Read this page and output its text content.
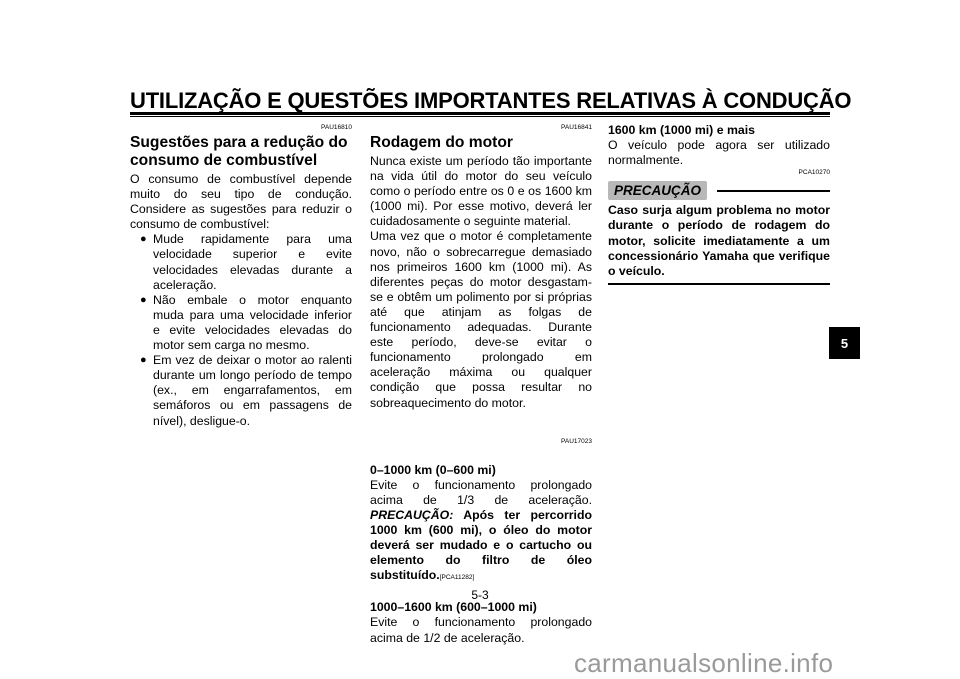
UTILIZAÇÃO E QUESTÕES IMPORTANTES RELATIVAS À CONDUÇÃO
PAU16810
Sugestões para a redução do consumo de combustível

O consumo de combustível depende muito do seu tipo de condução. Considere as sugestões para reduzir o consumo de combustível:

● Mude rapidamente para uma velocidade superior e evite velocidades elevadas durante a aceleração.
● Não embale o motor enquanto muda para uma velocidade inferior e evite velocidades elevadas do motor sem carga no mesmo.
● Em vez de deixar o motor ao ralenti durante um longo período de tempo (ex., em engarrafamentos, em semáforos ou em passagens de nível), desligue-o.
PAU16841
Rodagem do motor

Nunca existe um período tão importante na vida útil do motor do seu veículo como o período entre os 0 e os 1600 km (1000 mi). Por esse motivo, deverá ler cuidadosamente o seguinte material.

Uma vez que o motor é completamente novo, não o sobrecarregue demasiado nos primeiros 1600 km (1000 mi). As diferentes peças do motor desgastam-se e obtêm um polimento por si próprias até que atinjam as folgas de funcionamento adequadas. Durante este período, deve-se evitar o funcionamento prolongado em aceleração máxima ou qualquer condição que possa resultar no sobreaquecimento do motor.

PAU17023

0–1000 km (0–600 mi)

Evite o funcionamento prolongado acima de 1/3 de aceleração. PRECAUÇÃO: Após ter percorrido 1000 km (600 mi), o óleo do motor deverá ser mudado e o cartucho ou elemento do filtro de óleo substituído.[PCA11282]

1000–1600 km (600–1000 mi)

Evite o funcionamento prolongado acima de 1/2 de aceleração.

1600 km (1000 mi) e mais

O veículo pode agora ser utilizado normalmente.

PCA10270
PRECAUÇÃO
Caso surja algum problema no motor durante o período de rodagem do motor, solicite imediatamente a um concessionário Yamaha que verifique o veículo.
5
5-3
carmanualsonline.info
